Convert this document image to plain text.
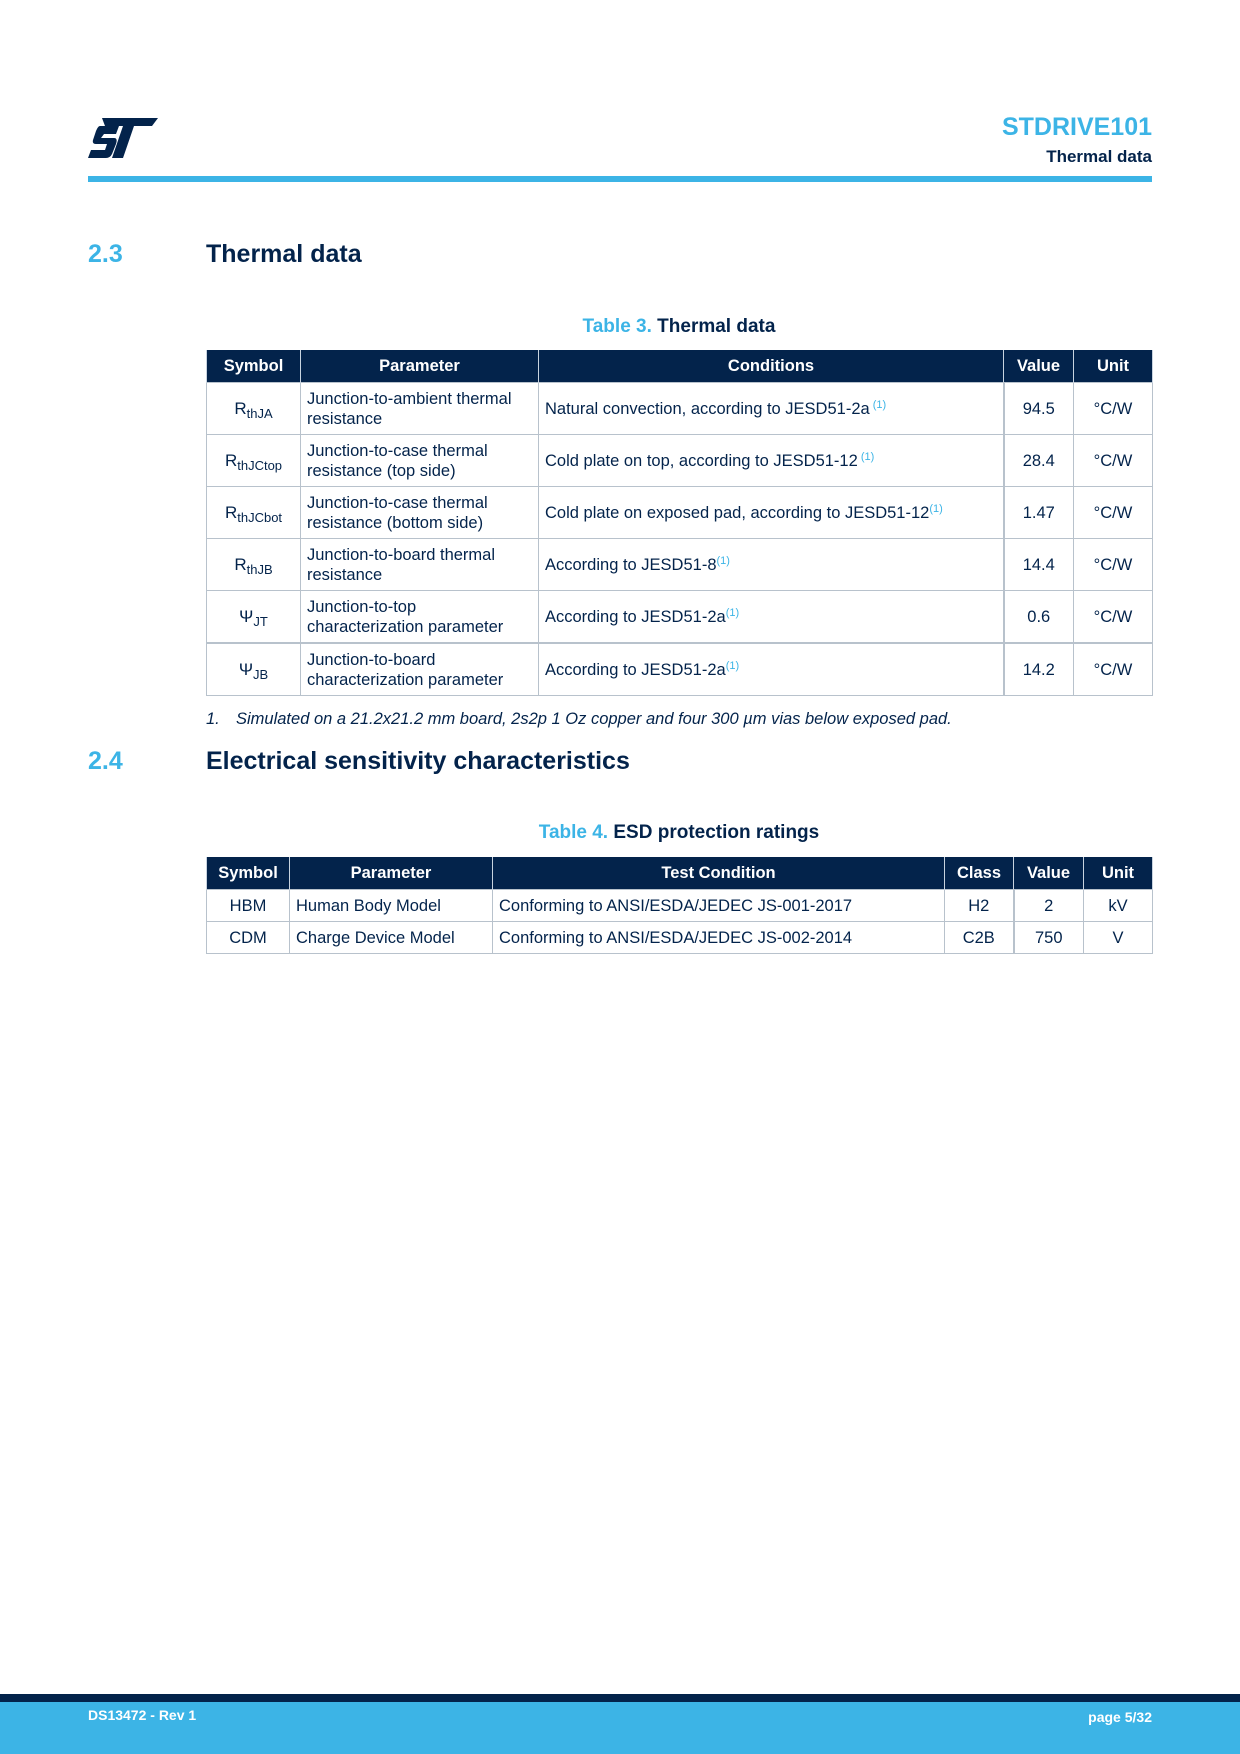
STDRIVE101
Thermal data
2.3	Thermal data
Table 3. Thermal data
Symbol	Parameter	Conditions	Value	Unit
$R_{thJA}$	Junction-to-ambient thermal resistance	Natural convection, according to JESD51-2a $^{(1)}$	94.5	°C/W
$R_{thJCtop}$	Junction-to-case thermal resistance (top side)	Cold plate on top, according to JESD51-12 $^{(1)}$	28.4	°C/W
$R_{thJCbot}$	Junction-to-case thermal resistance (bottom side)	Cold plate on exposed pad, according to JESD51-12$^{(1)}$	1.47	°C/W
$R_{thJB}$	Junction-to-board thermal resistance	According to JESD51-8$^{(1)}$	14.4	°C/W
$\Psi_{JT}$	Junction-to-top characterization parameter	According to JESD51-2a$^{(1)}$	0.6	°C/W
$\Psi_{JB}$	Junction-to-board characterization parameter	According to JESD51-2a$^{(1)}$	14.2	°C/W
1. Simulated on a 21.2x21.2 mm board, 2s2p 1 Oz copper and four 300 µm vias below exposed pad.
2.4	Electrical sensitivity characteristics
Table 4. ESD protection ratings
Symbol	Parameter	Test Condition	Class	Value	Unit
HBM	Human Body Model	Conforming to ANSI/ESDA/JEDEC JS-001-2017	H2	2	kV
CDM	Charge Device Model	Conforming to ANSI/ESDA/JEDEC JS-002-2014	C2B	750	V
DS13472 - Rev 1	page 5/32
